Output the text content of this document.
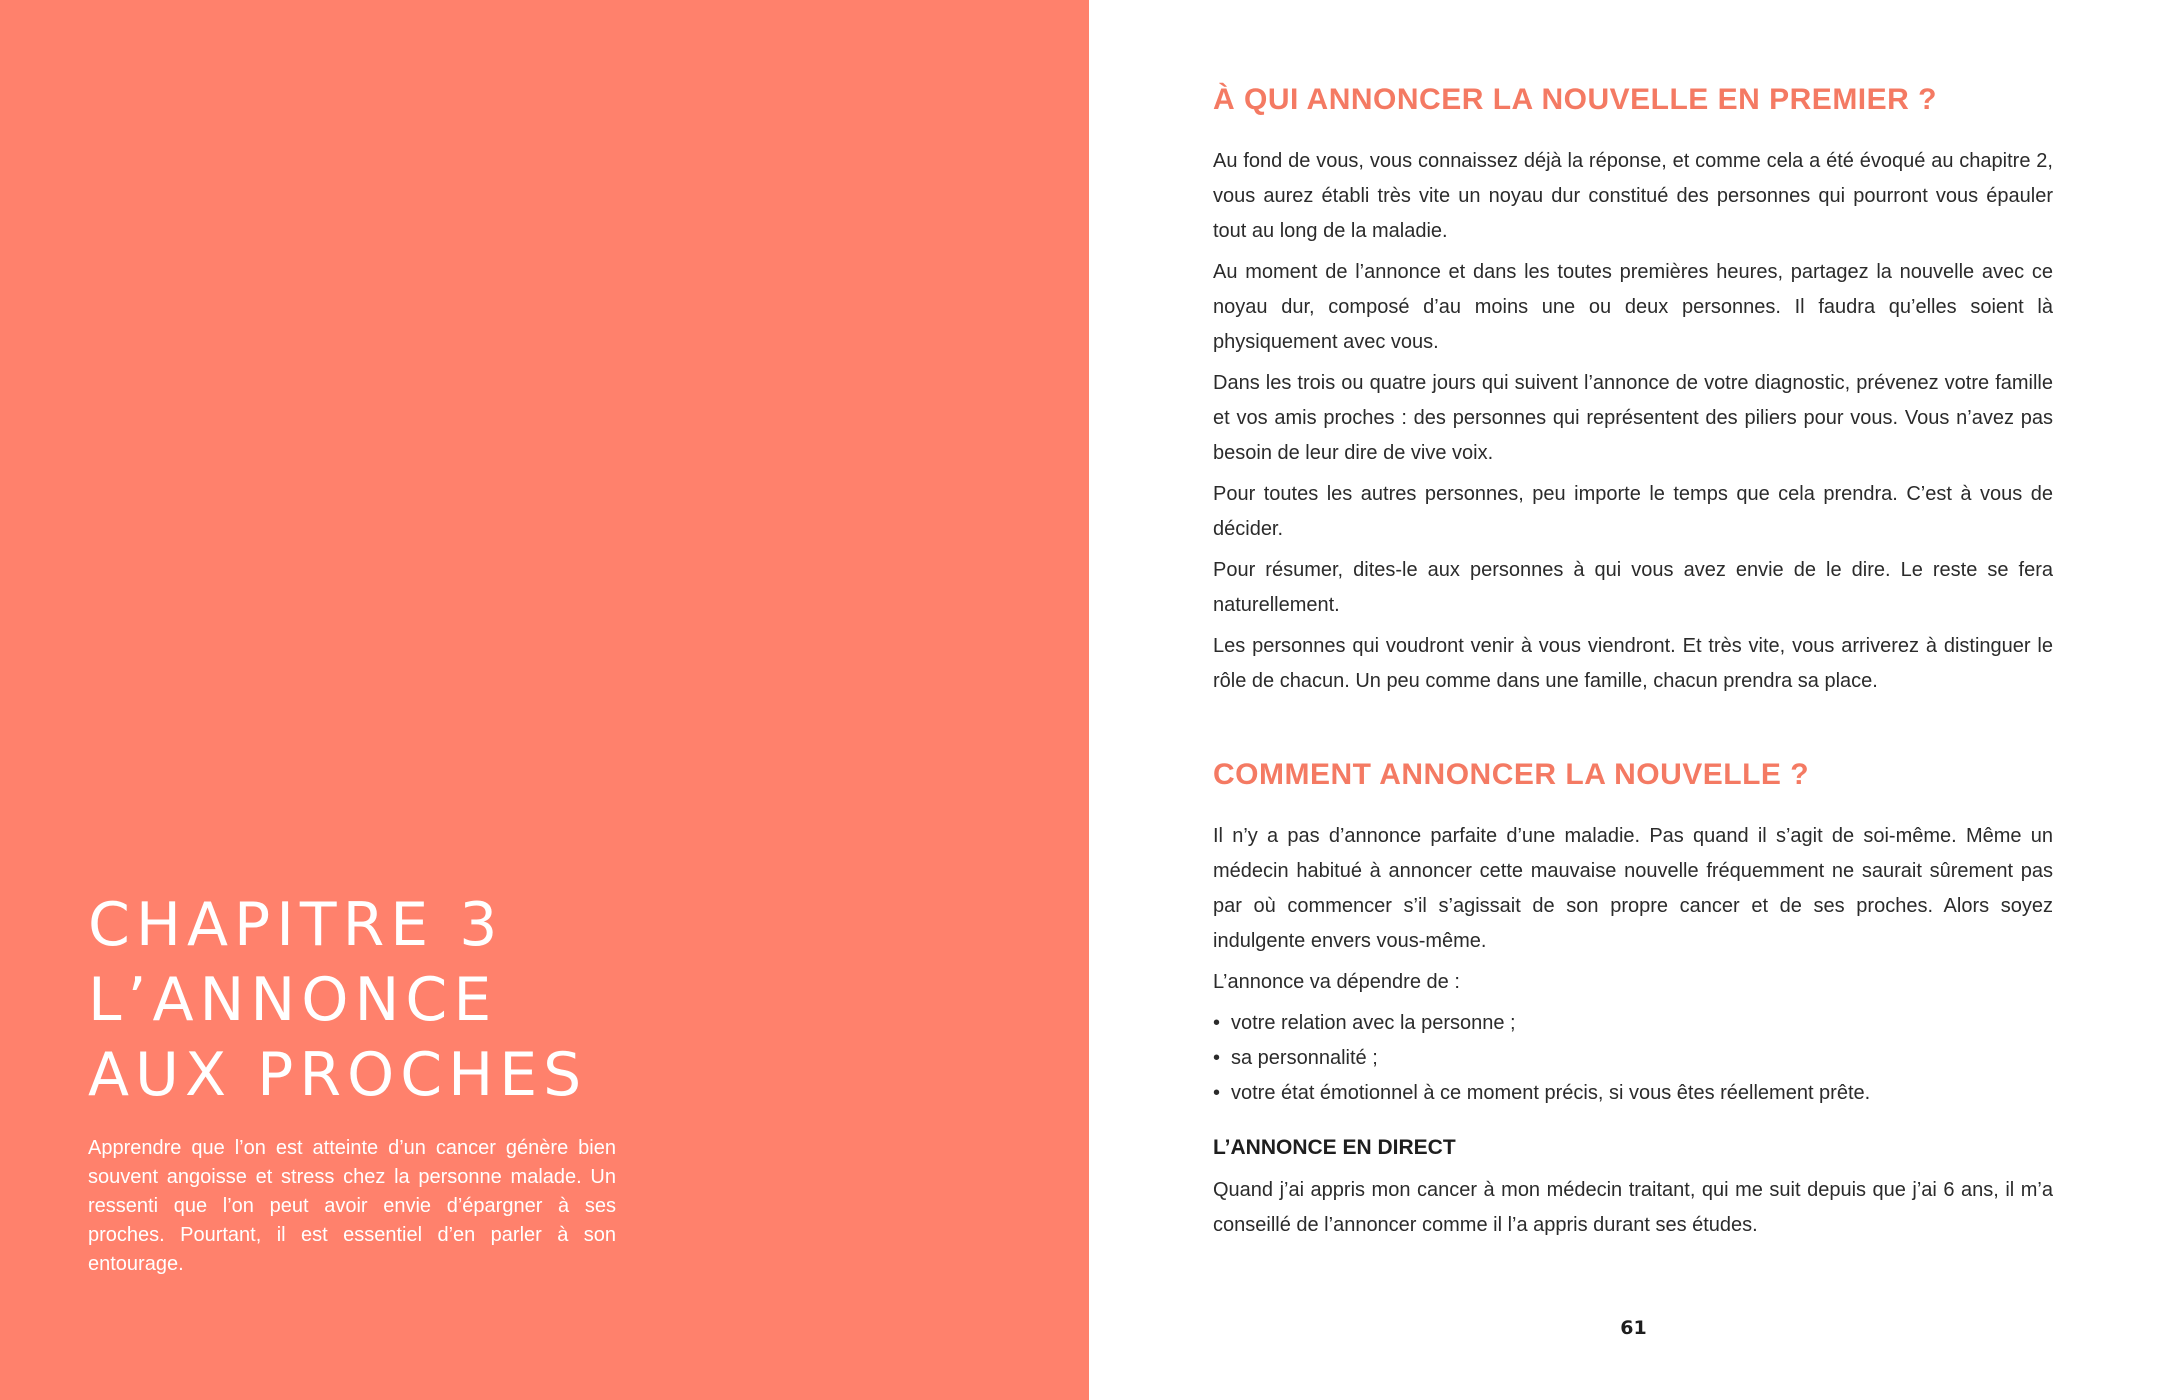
CHAPITRE 3
L’ANNONCE
AUX PROCHES

Apprendre que l’on est atteinte d’un cancer génère bien souvent angoisse et stress chez la personne malade. Un ressenti que l’on peut avoir envie d’épargner à ses proches. Pourtant, il est essentiel d’en parler à son entourage.

À QUI ANNONCER LA NOUVELLE EN PREMIER ?

Au fond de vous, vous connaissez déjà la réponse, et comme cela a été évoqué au chapitre 2, vous aurez établi très vite un noyau dur constitué des personnes qui pourront vous épauler tout au long de la maladie.

Au moment de l’annonce et dans les toutes premières heures, partagez la nouvelle avec ce noyau dur, composé d’au moins une ou deux personnes. Il faudra qu’elles soient là physiquement avec vous.

Dans les trois ou quatre jours qui suivent l’annonce de votre diagnostic, prévenez votre famille et vos amis proches : des personnes qui représentent des piliers pour vous. Vous n’avez pas besoin de leur dire de vive voix.

Pour toutes les autres personnes, peu importe le temps que cela prendra. C’est à vous de décider.

Pour résumer, dites-le aux personnes à qui vous avez envie de le dire. Le reste se fera naturellement.

Les personnes qui voudront venir à vous viendront. Et très vite, vous arriverez à distinguer le rôle de chacun. Un peu comme dans une famille, chacun prendra sa place.

COMMENT ANNONCER LA NOUVELLE ?

Il n’y a pas d’annonce parfaite d’une maladie. Pas quand il s’agit de soi-même. Même un médecin habitué à annoncer cette mauvaise nouvelle fréquemment ne saurait sûrement pas par où commencer s’il s’agissait de son propre cancer et de ses proches. Alors soyez indulgente envers vous-même.

L’annonce va dépendre de :

• votre relation avec la personne ;
• sa personnalité ;
• votre état émotionnel à ce moment précis, si vous êtes réellement prête.
L’ANNONCE EN DIRECT

Quand j’ai appris mon cancer à mon médecin traitant, qui me suit depuis que j’ai 6 ans, il m’a conseillé de l’annoncer comme il l’a appris durant ses études.

61
